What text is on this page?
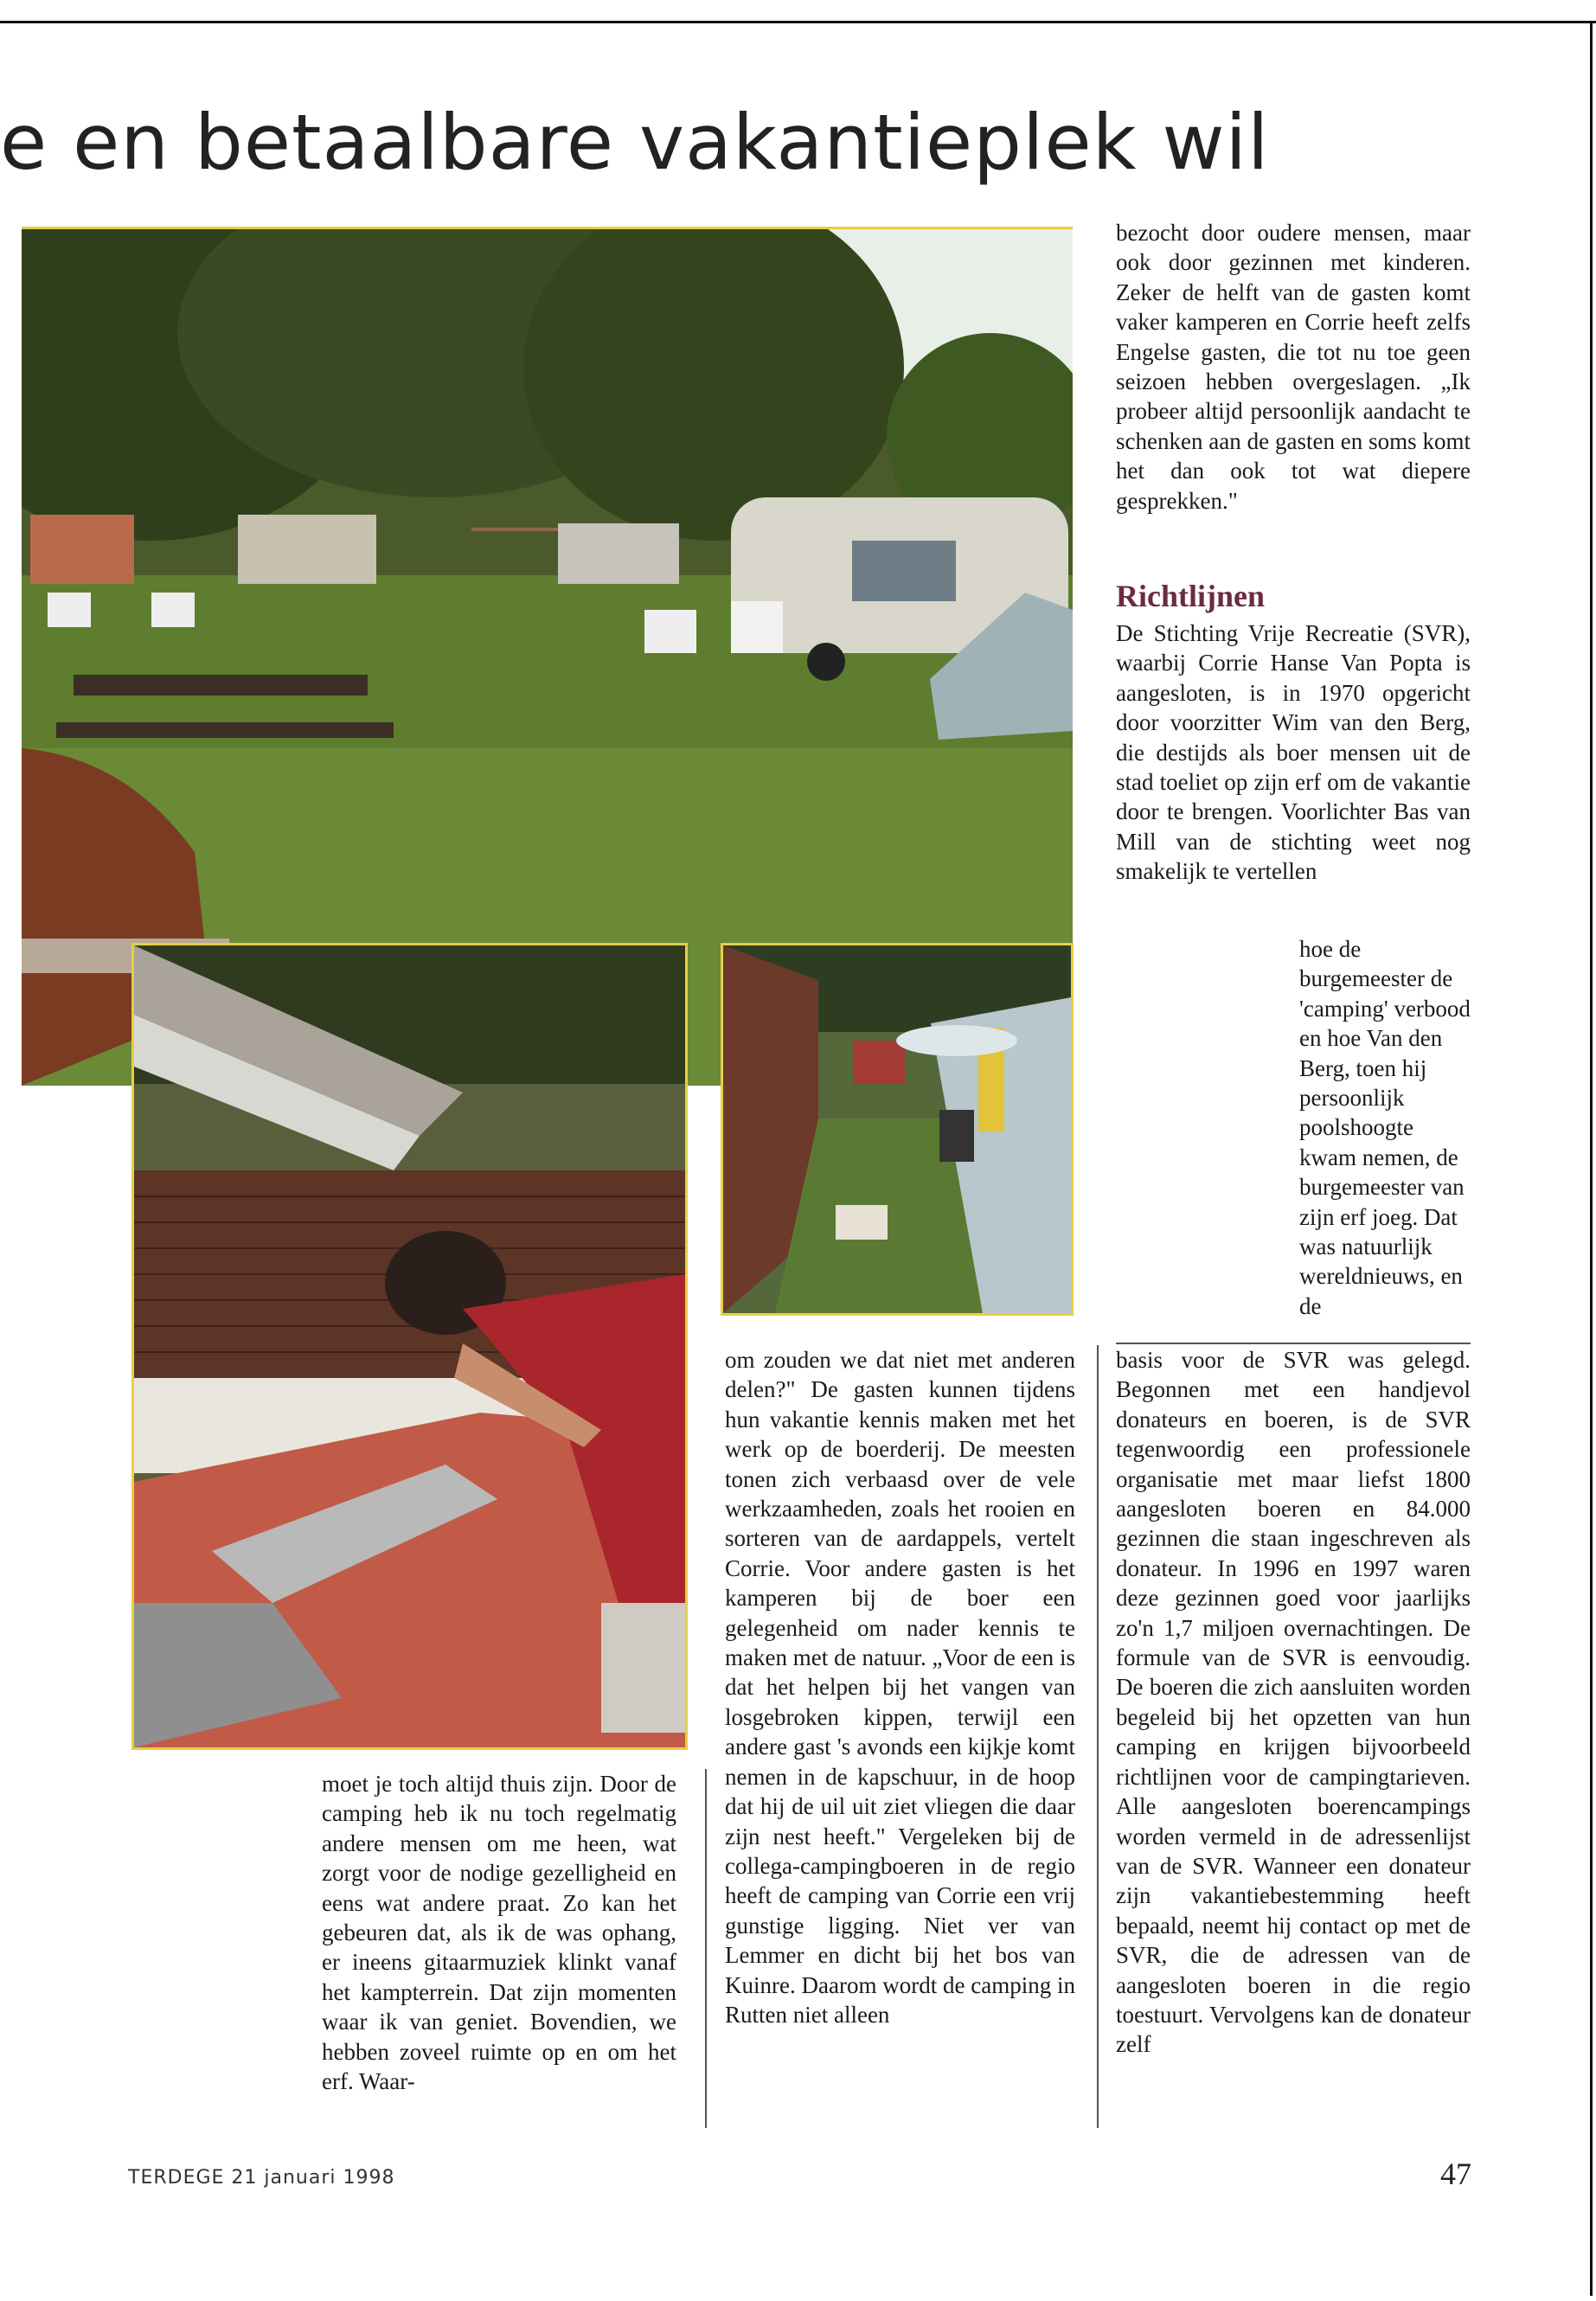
e en betaalbare vakantieplek wil

moet je toch altijd thuis zijn. Door de camping heb ik nu toch regelmatig andere mensen om me heen, wat zorgt voor de nodige gezelligheid en eens wat andere praat. Zo kan het gebeuren dat, als ik de was ophang, er ineens gitaarmuziek klinkt vanaf het kampterrein. Dat zijn momenten waar ik van geniet. Bovendien, we hebben zoveel ruimte op en om het erf. Waar-

om zouden we dat niet met anderen delen?" De gasten kunnen tijdens hun vakantie kennis maken met het werk op de boerderij. De meesten tonen zich verbaasd over de vele werkzaamheden, zoals het rooien en sorteren van de aardappels, vertelt Corrie. Voor andere gasten is het kamperen bij de boer een gelegenheid om nader kennis te maken met de natuur. „Voor de een is dat het helpen bij het vangen van losgebroken kippen, terwijl een andere gast 's avonds een kijkje komt nemen in de kapschuur, in de hoop dat hij de uil uit ziet vliegen die daar zijn nest heeft." Vergeleken bij de collega-campingboeren in de regio heeft de camping van Corrie een vrij gunstige ligging. Niet ver van Lemmer en dicht bij het bos van Kuinre. Daarom wordt de camping in Rutten niet alleen

bezocht door oudere mensen, maar ook door gezinnen met kinderen. Zeker de helft van de gasten komt vaker kamperen en Corrie heeft zelfs Engelse gasten, die tot nu toe geen seizoen hebben overgeslagen. „Ik probeer altijd persoonlijk aandacht te schenken aan de gasten en soms komt het dan ook tot wat diepere gesprekken."

Richtlijnen

De Stichting Vrije Recreatie (SVR), waarbij Corrie Hanse Van Popta is aangesloten, is in 1970 opgericht door voorzitter Wim van den Berg, die destijds als boer mensen uit de stad toeliet op zijn erf om de vakantie door te brengen. Voorlichter Bas van Mill van de stichting weet nog smakelijk te vertellen

hoe de burgemeester de 'camping' verbood en hoe Van den Berg, toen hij persoonlijk poolshoogte kwam nemen, de burgemeester van zijn erf joeg. Dat was natuurlijk wereldnieuws, en de

basis voor de SVR was gelegd. Begonnen met een handjevol donateurs en boeren, is de SVR tegenwoordig een professionele organisatie met maar liefst 1800 aangesloten boeren en 84.000 gezinnen die staan ingeschreven als donateur. In 1996 en 1997 waren deze gezinnen goed voor jaarlijks zo'n 1,7 miljoen overnachtingen. De formule van de SVR is eenvoudig. De boeren die zich aansluiten worden begeleid bij het opzetten van hun camping en krijgen bijvoorbeeld richtlijnen voor de campingtarieven. Alle aangesloten boerencampings worden vermeld in de adressenlijst van de SVR. Wanneer een donateur zijn vakantiebestemming heeft bepaald, neemt hij contact op met de SVR, die de adressen van de aangesloten boeren in die regio toestuurt. Vervolgens kan de donateur zelf

TERDEGE 21 januari 1998	47
